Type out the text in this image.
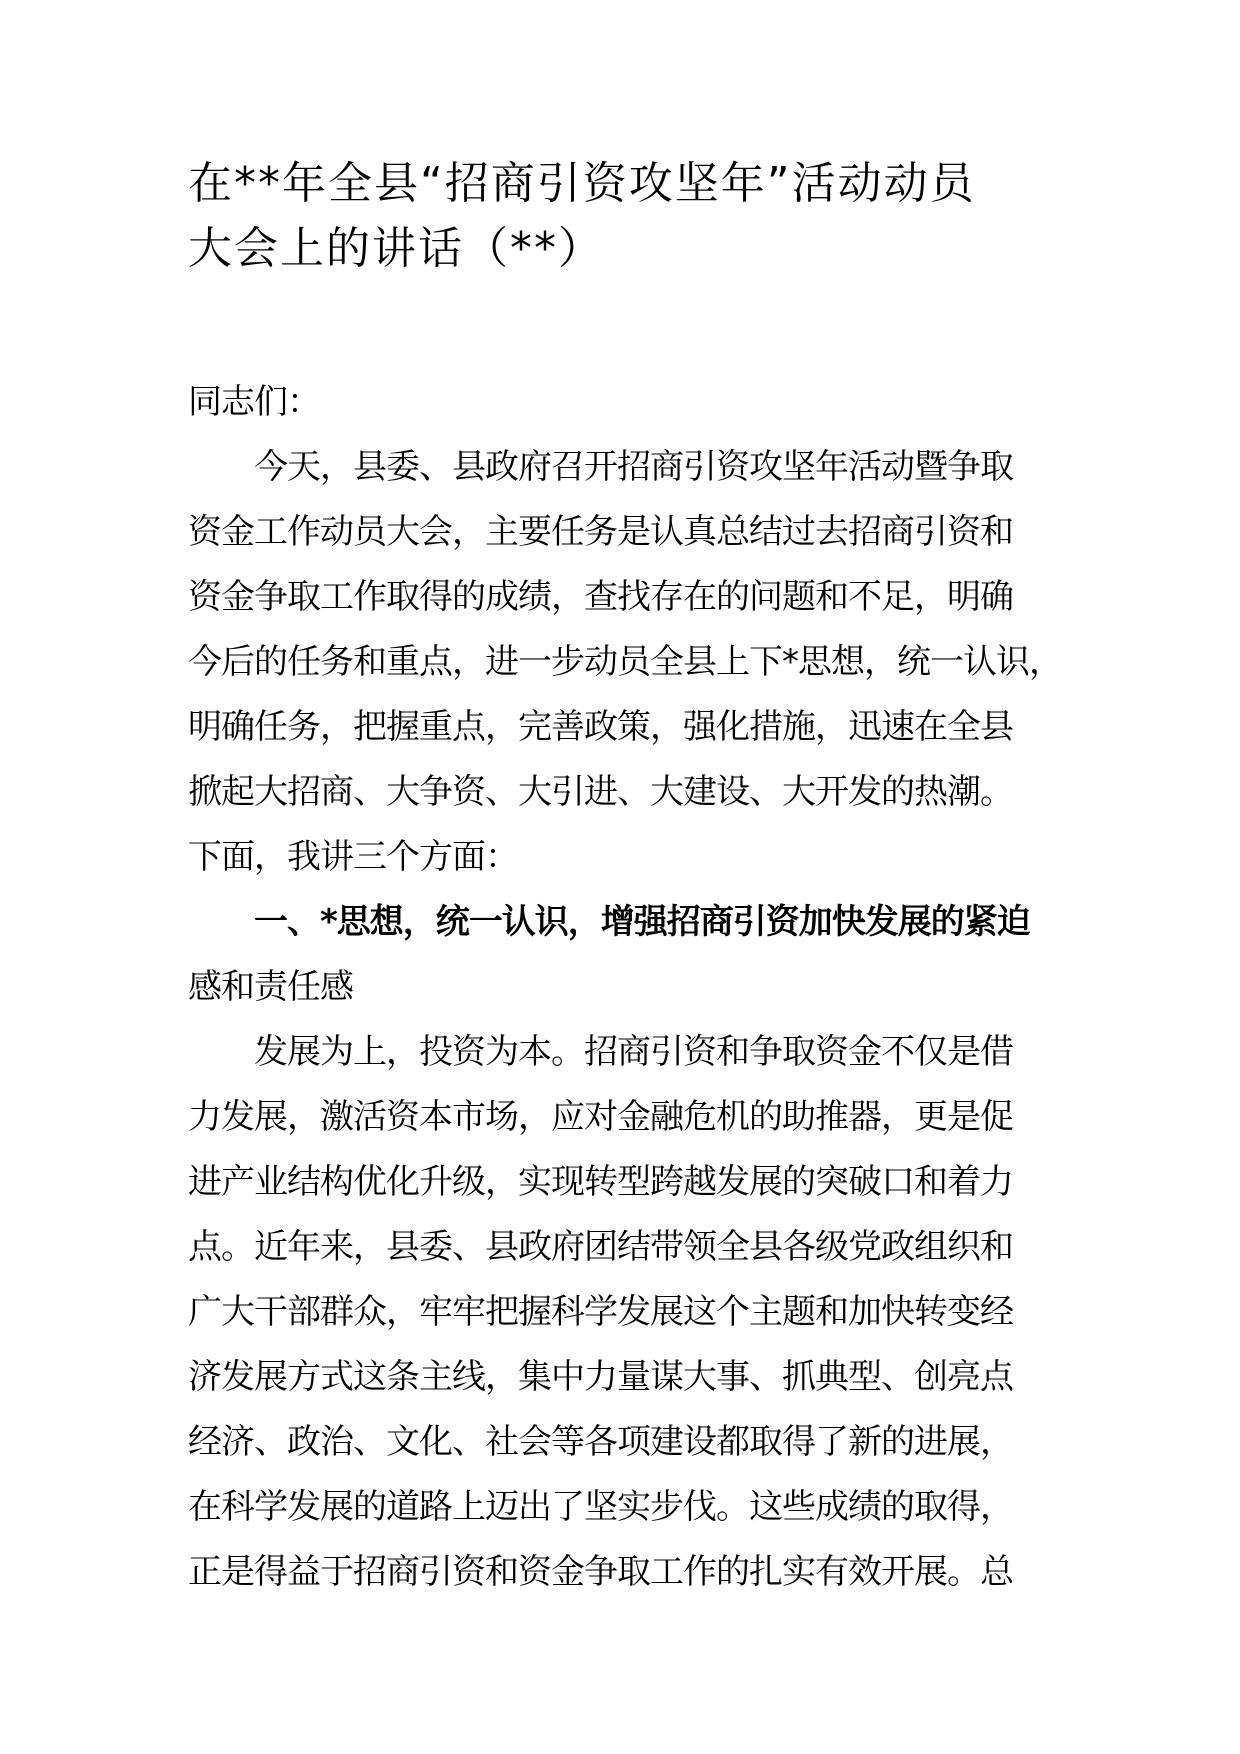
在**年全县“招商引资攻坚年”活动动员
大会上的讲话（**）
同志们：
今天，县委、县政府召开招商引资攻坚年活动暨争取
资金工作动员大会，主要任务是认真总结过去招商引资和
资金争取工作取得的成绩，查找存在的问题和不足，明确
今后的任务和重点，进一步动员全县上下*思想，统一认识，
明确任务，把握重点，完善政策，强化措施，迅速在全县
掀起大招商、大争资、大引进、大建设、大开发的热潮。
下面，我讲三个方面：
一、*思想，统一认识，增强招商引资加快发展的紧迫
感和责任感
发展为上，投资为本。招商引资和争取资金不仅是借
力发展，激活资本市场，应对金融危机的助推器，更是促
进产业结构优化升级，实现转型跨越发展的突破口和着力
点。近年来，县委、县政府团结带领全县各级党政组织和
广大干部群众，牢牢把握科学发展这个主题和加快转变经
济发展方式这条主线，集中力量谋大事、抓典型、创亮点
经济、政治、文化、社会等各项建设都取得了新的进展，
在科学发展的道路上迈出了坚实步伐。这些成绩的取得，
正是得益于招商引资和资金争取工作的扎实有效开展。总
